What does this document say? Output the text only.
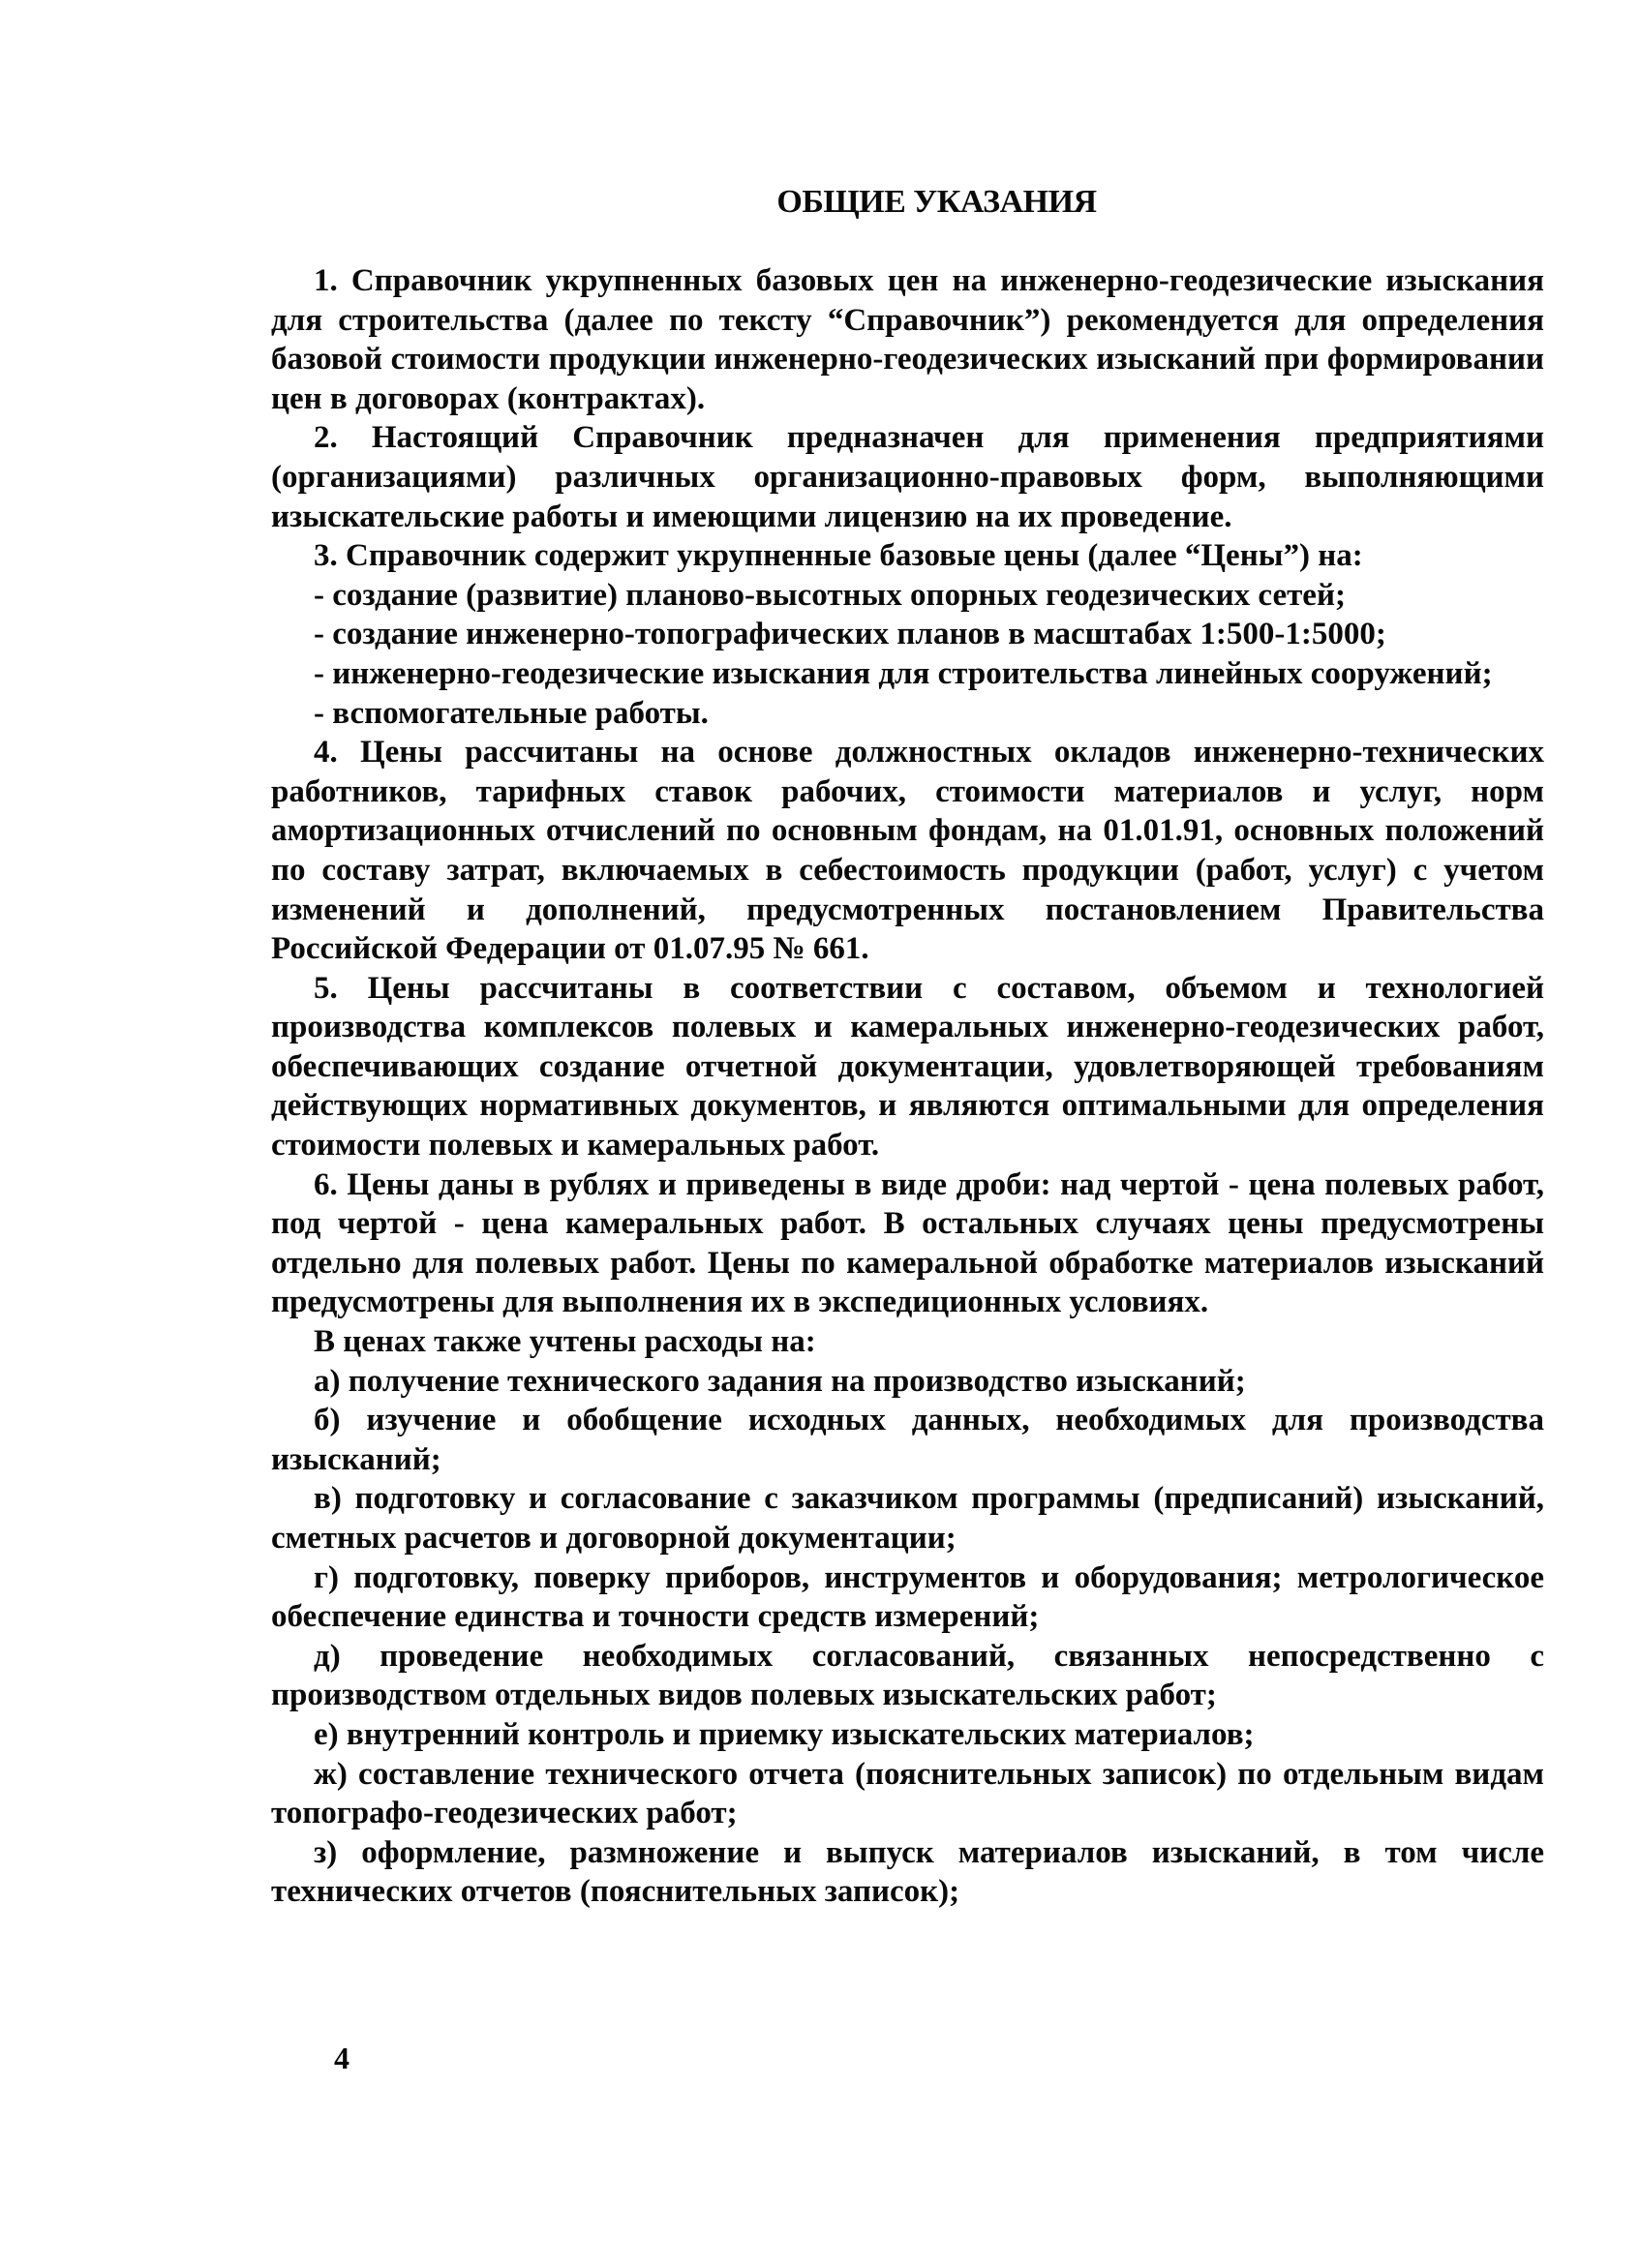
ОБЩИЕ УКАЗАНИЯ

1. Справочник укрупненных базовых цен на инженерно-геодезические изыскания для строительства (далее по тексту “Справочник”) рекомендуется для определения базовой стоимости продукции инженерно-геодезических изысканий при формировании цен в договорах (контрактах).

2. Настоящий Справочник предназначен для применения предприятиями (организациями) различных организационно-правовых форм, выполняющими изыскательские работы и имеющими лицензию на их проведение.

3. Справочник содержит укрупненные базовые цены (далее “Цены”) на:

- создание (развитие) планово-высотных опорных геодезических сетей;

- создание инженерно-топографических планов в масштабах 1:500-1:5000;

- инженерно-геодезические изыскания для строительства линейных сооружений;

- вспомогательные работы.

4. Цены рассчитаны на основе должностных окладов инженерно-технических работников, тарифных ставок рабочих, стоимости материалов и услуг, норм амортизационных отчислений по основным фондам, на 01.01.91, основных положений по составу затрат, включаемых в себестоимость продукции (работ, услуг) с учетом изменений и дополнений, предусмотренных постановлением Правительства Российской Федерации от 01.07.95 № 661.

5. Цены рассчитаны в соответствии с составом, объемом и технологией производства комплексов полевых и камеральных инженерно-геодезических работ, обеспечивающих создание отчетной документации, удовлетворяющей требованиям действующих нормативных документов, и являются оптимальными для определения стоимости полевых и камеральных работ.

6. Цены даны в рублях и приведены в виде дроби: над чертой - цена полевых работ, под чертой - цена камеральных работ. В остальных случаях цены предусмотрены отдельно для полевых работ. Цены по камеральной обработке материалов изысканий предусмотрены для выполнения их в экспедиционных условиях.

В ценах также учтены расходы на:

а) получение технического задания на производство изысканий;

б) изучение и обобщение исходных данных, необходимых для производства изысканий;

в) подготовку и согласование с заказчиком программы (предписаний) изысканий, сметных расчетов и договорной документации;

г) подготовку, поверку приборов, инструментов и оборудования; метрологическое обеспечение единства и точности средств измерений;

д) проведение необходимых согласований, связанных непосредственно с производством отдельных видов полевых изыскательских работ;

е) внутренний контроль и приемку изыскательских материалов;

ж) составление технического отчета (пояснительных записок) по отдельным видам топографо-геодезических работ;

з) оформление, размножение и выпуск материалов изысканий, в том числе технических отчетов (пояснительных записок);

4
